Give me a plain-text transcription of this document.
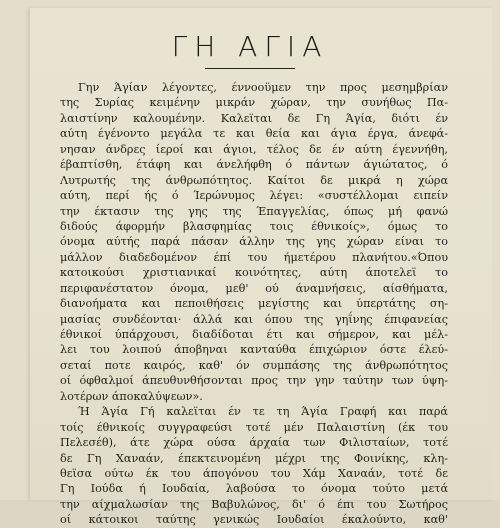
ΓΗ ΑΓΙΑ
Γην Άγίαν λέγοντες, έννοοϋμεν την προς μεσημβρίαν
της Συρίας κειμένην μικράν χώραν, την συνήθως Πα-
λαιστίνην καλουμένην. Καλεϊται δε Γη Άγία, διότι έν
αύτη έγένοντο μεγάλα τε και θεία και άγια έργα, άνεφά-
νησαν άνδρες ίεροί και άγιοι, τέλος δε έν αύτη έγεννήθη,
έβαπτίσθη, έτάφη και άνελήφθη ό πάντων άγιώτατος, ό
Λυτρωτής της άνθρωπότητος. Καίτοι δε μικρά η χώρα
αύτη, περί ής ό Ίερώνυμος λέγει: «συστέλλομαι ειπείν
την έκτασιν της γης της Έπαγγελίας, όπως μή φανώ
διδούς άφορμήν βλασφημίας τοις έθνικοίς», όμως το
όνομα αύτής παρά πάσαν άλλην της γης χώραν είναι το
μάλλον διαδεδομένον έπί του ήμετέρου πλανήτου.«Όπου
κατοικούσι χριστιανικαί κοινότητες, αύτη άποτελεϊ το
περιφανέστατον όνομα, μεθ' ού άναμνήσεις, αίσθήματα,
διανοήματα και πεποιθήσεις μεγίστης και ύπερτάτης ση-
μασίας συνδέονται· άλλά και όπου της γηΐνης έπιφανείας
έθνικοί ύπάρχουσι, διαδίδοται έτι και σήμερον, και μέλ-
λει του λοιπού άποβηναι κανταύθα έπιχώριον όστε έλεύ-
σεταί ποτε καιρός, καθ' όν συμπάσης της άνθρωπότητος
οί όφθαλμοί άπευθυνθήσονται προς την γην ταύτην των ύψη-
λοτέρων άποκαλύψεων».
Ή Άγία Γή καλεϊται έν τε τη Άγία Γραφή και παρά
τοίς έθνικοίς συγγραφεύσι τοτέ μέν Παλαιστίνη (έκ του
Πελεσέθ), άτε χώρα ούσα άρχαία των Φιλισταίων, τοτέ
δε Γη Χαναάν, έπεκτεινομένη μέχρι της Φοινίκης, κλη-
θεϊσα ούτω έκ του άπογόνου του Χάμ Χαναάν, τοτέ δε
Γη Ιούδα ή Ιουδαία, λαβούσα το όνομα τούτο μετά
την αίχμαλωσίαν της Βαβυλώνος, δι' ό έπι του Σωτήρος
οί κάτοικοι ταύτης γενικώς Ιουδαίοι έκαλούντο, καθ'
